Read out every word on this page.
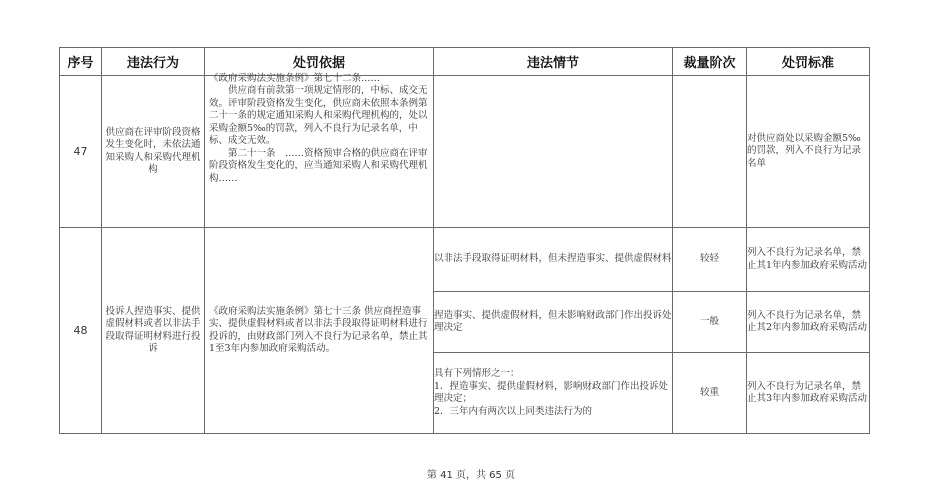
序号	违法行为	处罚依据	违法情节	裁量阶次	处罚标准
47	供应商在评审阶段资格发生变化时，未依法通知采购人和采购代理机构	《政府采购法实施条例》第七十二条……
供应商有前款第一项规定情形的，中标、成交无效。评审阶段资格发生变化，供应商未依照本条例第二十一条的规定通知采购人和采购代理机构的，处以采购金额5‰的罚款，列入不良行为记录名单，中标、成交无效。
第二十一条　……资格预审合格的供应商在评审阶段资格发生变化的，应当通知采购人和采购代理机构……			对供应商处以采购金额5‰的罚款，列入不良行为记录名单
48	投诉人捏造事实、提供虚假材料或者以非法手段取得证明材料进行投诉	《政府采购法实施条例》第七十三条 供应商捏造事实、提供虚假材料或者以非法手段取得证明材料进行投诉的，由财政部门列入不良行为记录名单，禁止其1至3年内参加政府采购活动。	以非法手段取得证明材料，但未捏造事实、提供虚假材料	较轻	列入不良行为记录名单，禁止其1年内参加政府采购活动
			捏造事实、提供虚假材料，但未影响财政部门作出投诉处理决定	一般	列入不良行为记录名单，禁止其2年内参加政府采购活动
			具有下列情形之一：
1．捏造事实、提供虚假材料，影响财政部门作出投诉处理决定；
2．三年内有两次以上同类违法行为的	较重	列入不良行为记录名单，禁止其3年内参加政府采购活动
第 41 页，共 65 页
